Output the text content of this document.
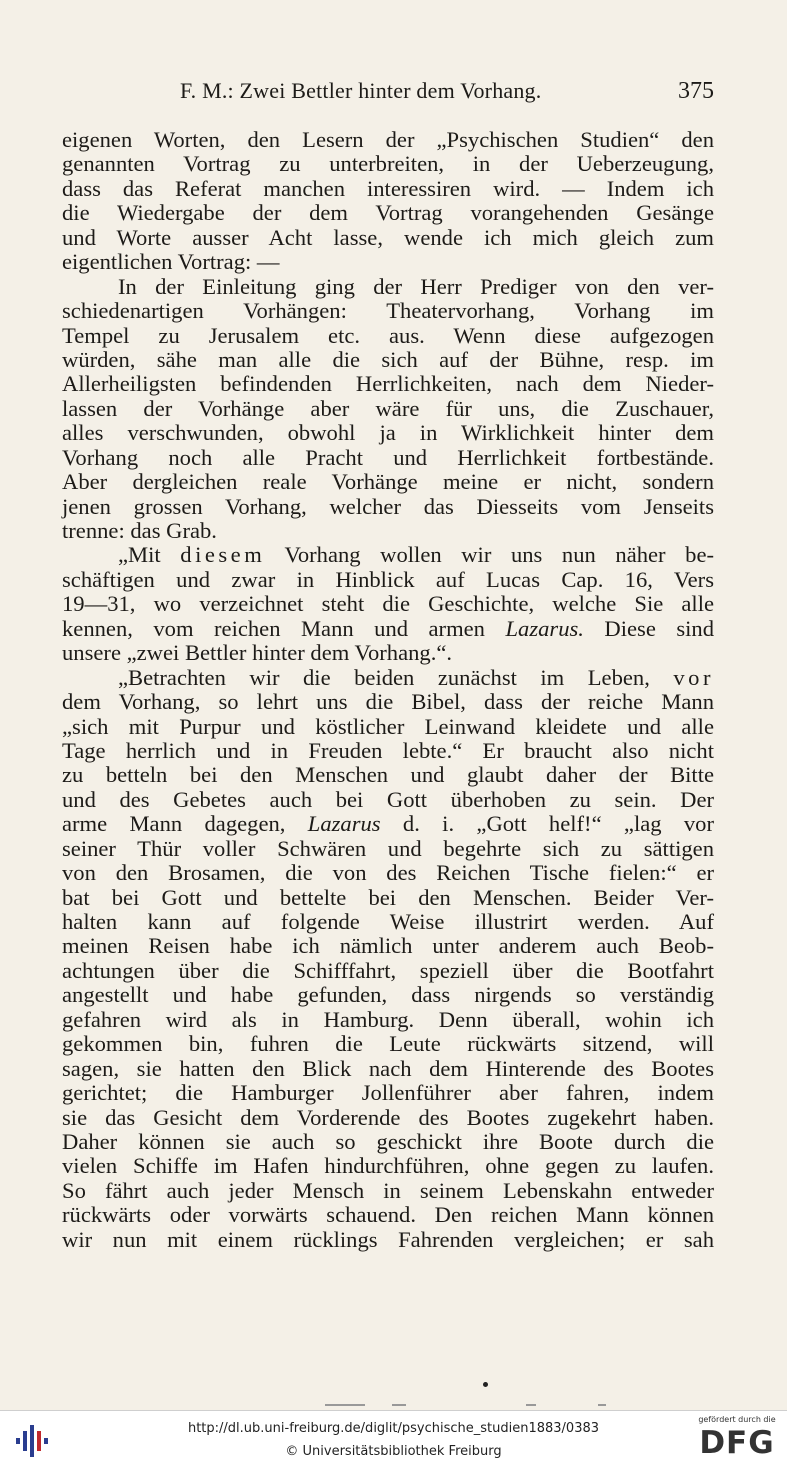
F. M.: Zwei Bettler hinter dem Vorhang.	375
eigenen Worten, den Lesern der „Psychischen Studien“ den
genannten Vortrag zu unterbreiten, in der Ueberzeugung,
dass das Referat manchen interessiren wird. — Indem ich
die Wiedergabe der dem Vortrag vorangehenden Gesänge
und Worte ausser Acht lasse, wende ich mich gleich zum
eigentlichen Vortrag: —
In der Einleitung ging der Herr Prediger von den ver-
schiedenartigen Vorhängen: Theatervorhang, Vorhang im
Tempel zu Jerusalem etc. aus. Wenn diese aufgezogen
würden, sähe man alle die sich auf der Bühne, resp. im
Allerheiligsten befindenden Herrlichkeiten, nach dem Nieder-
lassen der Vorhänge aber wäre für uns, die Zuschauer,
alles verschwunden, obwohl ja in Wirklichkeit hinter dem
Vorhang noch alle Pracht und Herrlichkeit fortbestände.
Aber dergleichen reale Vorhänge meine er nicht, sondern
jenen grossen Vorhang, welcher das Diesseits vom Jenseits
trenne: das Grab.
„Mit diesem Vorhang wollen wir uns nun näher be-
schäftigen und zwar in Hinblick auf Lucas Cap. 16, Vers
19—31, wo verzeichnet steht die Geschichte, welche Sie alle
kennen, vom reichen Mann und armen Lazarus. Diese sind
unsere „zwei Bettler hinter dem Vorhang.“.
„Betrachten wir die beiden zunächst im Leben, vor
dem Vorhang, so lehrt uns die Bibel, dass der reiche Mann
„sich mit Purpur und köstlicher Leinwand kleidete und alle
Tage herrlich und in Freuden lebte.“ Er braucht also nicht
zu betteln bei den Menschen und glaubt daher der Bitte
und des Gebetes auch bei Gott überhoben zu sein. Der
arme Mann dagegen, Lazarus d. i. „Gott helf!“ „lag vor
seiner Thür voller Schwären und begehrte sich zu sättigen
von den Brosamen, die von des Reichen Tische fielen:“ er
bat bei Gott und bettelte bei den Menschen. Beider Ver-
halten kann auf folgende Weise illustrirt werden. Auf
meinen Reisen habe ich nämlich unter anderem auch Beob-
achtungen über die Schifffahrt, speziell über die Bootfahrt
angestellt und habe gefunden, dass nirgends so verständig
gefahren wird als in Hamburg. Denn überall, wohin ich
gekommen bin, fuhren die Leute rückwärts sitzend, will
sagen, sie hatten den Blick nach dem Hinterende des Bootes
gerichtet; die Hamburger Jollenführer aber fahren, indem
sie das Gesicht dem Vorderende des Bootes zugekehrt haben.
Daher können sie auch so geschickt ihre Boote durch die
vielen Schiffe im Hafen hindurchführen, ohne gegen zu laufen.
So fährt auch jeder Mensch in seinem Lebenskahn entweder
rückwärts oder vorwärts schauend. Den reichen Mann können
wir nun mit einem rücklings Fahrenden vergleichen; er sah
http://dl.ub.uni-freiburg.de/diglit/psychische_studien1883/0383
© Universitätsbibliothek Freiburg
gefördert durch die
DFG
